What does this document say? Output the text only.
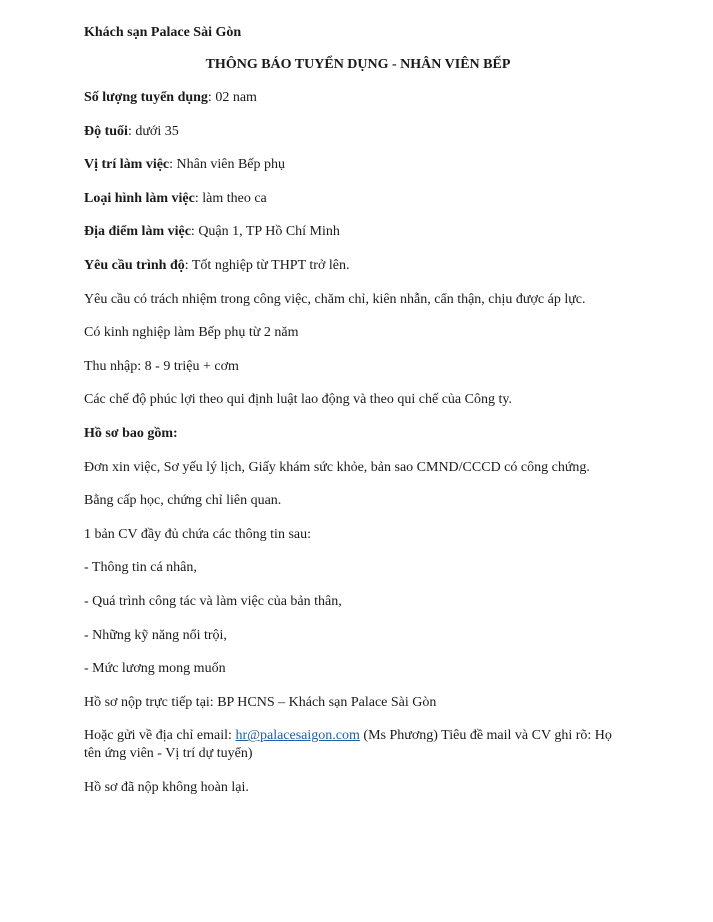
Khách sạn Palace Sài Gòn
THÔNG BÁO TUYỂN DỤNG - NHÂN VIÊN BẾP
Số lượng tuyển dụng: 02 nam
Độ tuổi: dưới 35
Vị trí làm việc: Nhân viên Bếp phụ
Loại hình làm việc: làm theo ca
Địa điểm làm việc: Quận 1, TP Hồ Chí Minh
Yêu cầu trình độ: Tốt nghiệp từ THPT trở lên.
Yêu cầu có trách nhiệm trong công việc, chăm chỉ, kiên nhẫn, cẩn thận, chịu được áp lực.
Có kinh nghiệp làm Bếp phụ từ 2 năm
Thu nhập: 8 - 9 triệu + cơm
Các chế độ phúc lợi theo qui định luật lao động và theo qui chế của Công ty.
Hồ sơ bao gồm:
Đơn xin việc, Sơ yếu lý lịch, Giấy khám sức khỏe, bản sao CMND/CCCD có công chứng.
Bằng cấp học, chứng chỉ liên quan.
1 bản CV đầy đủ chứa các thông tin sau:
- Thông tin cá nhân,
- Quá trình công tác và làm việc của bản thân,
- Những kỹ năng nổi trội,
- Mức lương mong muốn
Hồ sơ nộp trực tiếp tại: BP HCNS – Khách sạn Palace Sài Gòn
Hoặc gửi về địa chỉ email: hr@palacesaigon.com (Ms Phương) Tiêu đề mail và CV ghi rõ: Họ tên ứng viên - Vị trí dự tuyển)
Hồ sơ đã nộp không hoàn lại.
